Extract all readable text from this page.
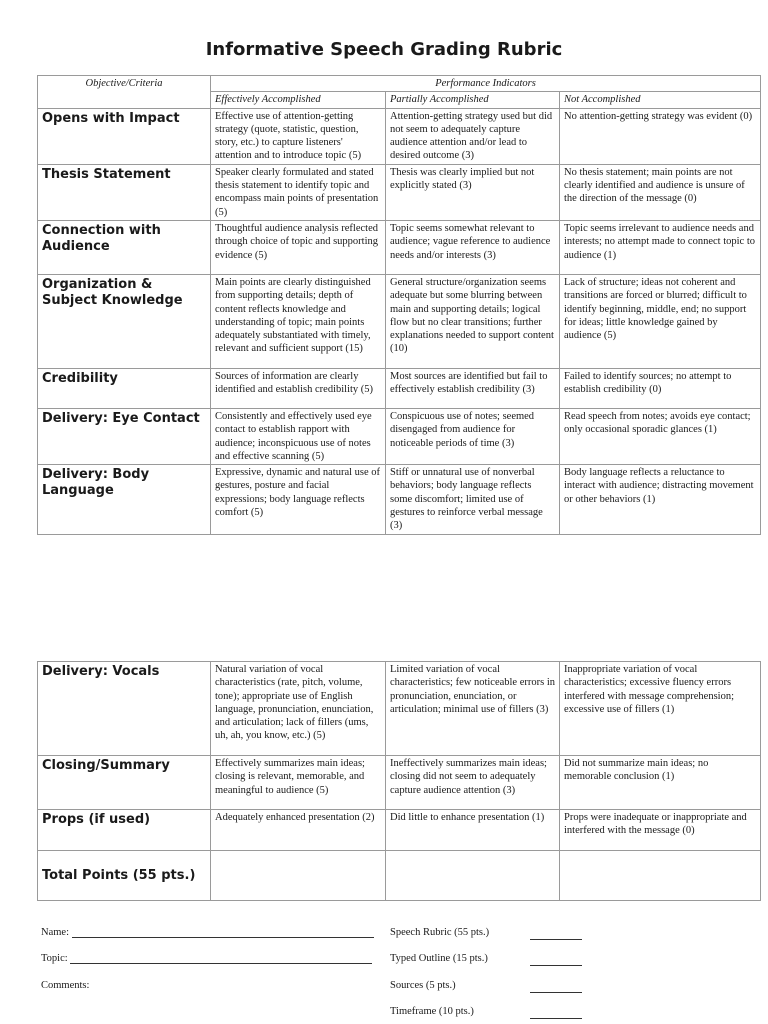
Informative Speech Grading Rubric
Objective/Criteria	Performance Indicators		
	Effectively Accomplished	Partially Accomplished	Not Accomplished
Opens with Impact	Effective use of attention-getting strategy (quote, statistic, question, story, etc.) to capture listeners' attention and to introduce topic (5)	Attention-getting strategy used but did not seem to adequately capture audience attention and/or lead to desired outcome (3)	No attention-getting strategy was evident (0)
Thesis Statement	Speaker clearly formulated and stated thesis statement to identify topic and encompass main points of presentation (5)	Thesis was clearly implied but not explicitly stated (3)	No thesis statement; main points are not clearly identified and audience is unsure of the direction of the message (0)
Connection with Audience	Thoughtful audience analysis reflected through choice of topic and supporting evidence (5)	Topic seems somewhat relevant to audience; vague reference to audience needs and/or interests (3)	Topic seems irrelevant to audience needs and interests; no attempt made to connect topic to audience (1)
Organization & Subject Knowledge	Main points are clearly distinguished from supporting details; depth of content reflects knowledge and understanding of topic; main points adequately substantiated with timely, relevant and sufficient support (15)	General structure/organization seems adequate but some blurring between main and supporting details; logical flow but no clear transitions; further explanations needed to support content (10)	Lack of structure; ideas not coherent and transitions are forced or blurred; difficult to identify beginning, middle, end; no support for ideas; little knowledge gained by audience (5)
Credibility	Sources of information are clearly identified and establish credibility (5)	Most sources are identified but fail to effectively establish credibility (3)	Failed to identify sources; no attempt to establish credibility (0)
Delivery: Eye Contact	Consistently and effectively used eye contact to establish rapport with audience; inconspicuous use of notes and effective scanning (5)	Conspicuous use of notes; seemed disengaged from audience for noticeable periods of time (3)	Read speech from notes; avoids eye contact; only occasional sporadic glances (1)
Delivery: Body Language	Expressive, dynamic and natural use of gestures, posture and facial expressions; body language reflects comfort (5)	Stiff or unnatural use of nonverbal behaviors; body language reflects some discomfort; limited use of gestures to reinforce verbal message (3)	Body language reflects a reluctance to interact with audience; distracting movement or other behaviors (1)
Delivery: Vocals	Natural variation of vocal characteristics (rate, pitch, volume, tone); appropriate use of English language, pronunciation, enunciation, and articulation; lack of fillers (ums, uh, ah, you know, etc.) (5)	Limited variation of vocal characteristics; few noticeable errors in pronunciation, enunciation, or articulation; minimal use of fillers (3)	Inappropriate variation of vocal characteristics; excessive fluency errors interfered with message comprehension; excessive use of fillers (1)
Closing/Summary	Effectively summarizes main ideas; closing is relevant, memorable, and meaningful to audience (5)	Ineffectively summarizes main ideas; closing did not seem to adequately capture audience attention (3)	Did not summarize main ideas; no memorable conclusion (1)
Props (if used)	Adequately enhanced presentation (2)	Did little to enhance presentation (1)	Props were inadequate or inappropriate and interfered with the message (0)
Total Points (55 pts.)			
Name:
Topic:
Comments:
Speech Rubric (55 pts.)
Typed Outline (15 pts.)
Sources (5 pts.)
Timeframe (10 pts.)
